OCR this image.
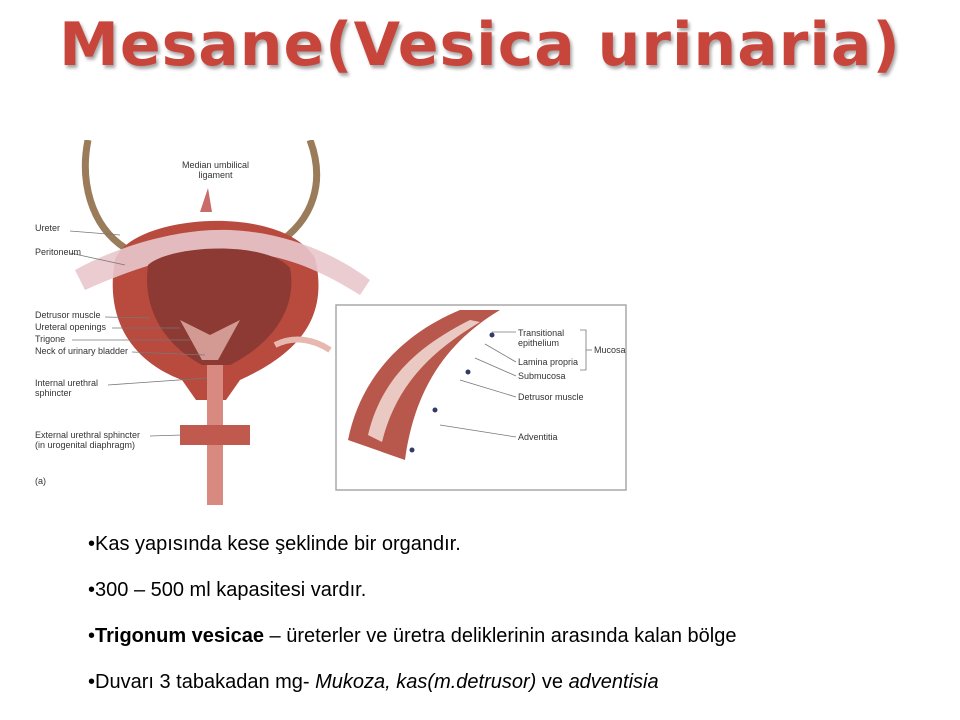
Mesane(Vesica urinaria)
Median umbilical
ligament
Ureter
Peritoneum
Detrusor muscle
Ureteral openings
Trigone
Neck of urinary bladder
Internal urethral
sphincter
External urethral sphincter
(in urogenital diaphragm)
(a)
Transitional
epithelium
Lamina propria
Mucosa
Submucosa
Detrusor muscle
Adventitia
•Kas yapısında kese şeklinde bir organdır.
•300 – 500 ml kapasitesi vardır.
•Trigonum vesicae – üreterler ve üretra deliklerinin arasında kalan bölge
•Duvarı 3 tabakadan mg- Mukoza, kas(m.detrusor) ve adventisia
